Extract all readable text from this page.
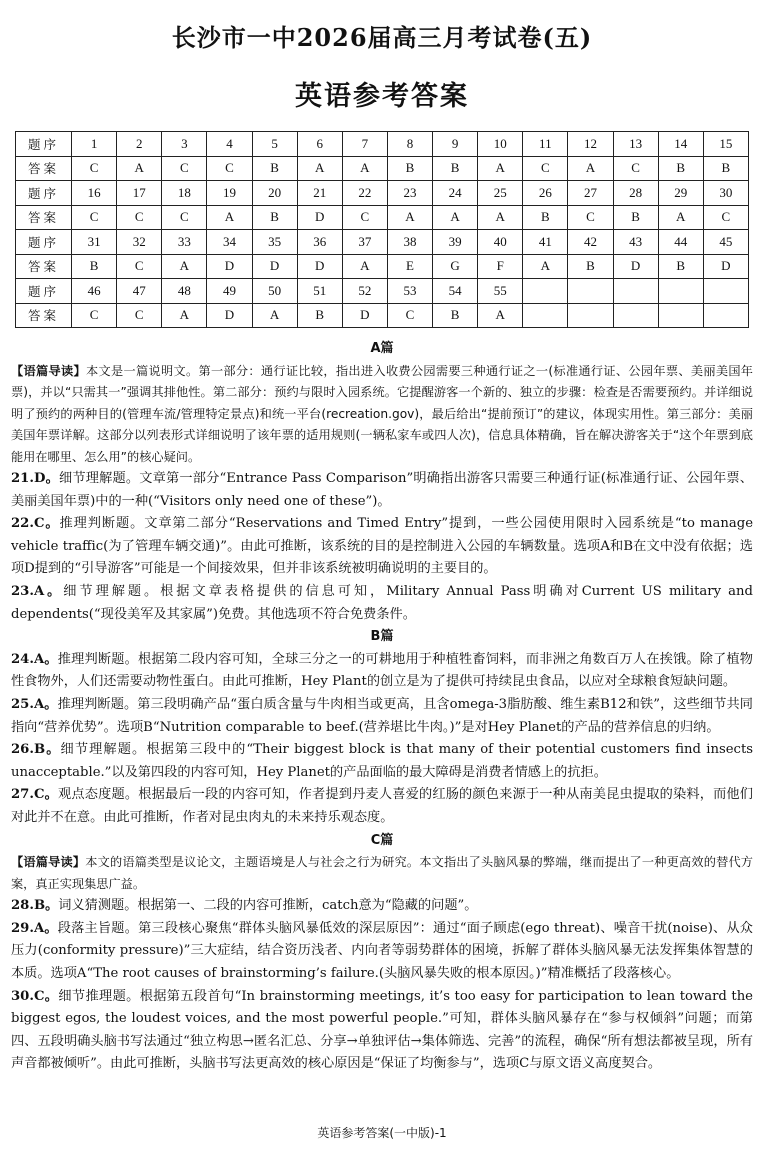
长沙市一中2026届高三月考试卷(五)
英语参考答案
题序	1	2	3	4	5	6	7	8	9	10	11	12	13	14	15
答案	C	A	C	C	B	A	A	B	B	A	C	A	C	B	B
题序	16	17	18	19	20	21	22	23	24	25	26	27	28	29	30
答案	C	C	C	A	B	D	C	A	A	A	B	C	B	A	C
题序	31	32	33	34	35	36	37	38	39	40	41	42	43	44	45
答案	B	C	A	D	D	D	A	E	G	F	A	B	D	B	D
题序	46	47	48	49	50	51	52	53	54	55					
答案	C	C	A	D	A	B	D	C	B	A					
A篇
【语篇导读】本文是一篇说明文。第一部分：通行证比较，指出进入收费公园需要三种通行证之一(标准通行证、公园年票、美丽美国年票)，并以“只需其一”强调其排他性。第二部分：预约与限时入园系统。它提醒游客一个新的、独立的步骤：检查是否需要预约。并详细说明了预约的两种目的(管理车流/管理特定景点)和统一平台(recreation.gov)，最后给出“提前预订”的建议，体现实用性。第三部分：美丽美国年票详解。这部分以列表形式详细说明了该年票的适用规则(一辆私家车或四人次)，信息具体精确，旨在解决游客关于“这个年票到底能用在哪里、怎么用”的核心疑问。
21.D。细节理解题。文章第一部分“Entrance Pass Comparison”明确指出游客只需要三种通行证(标准通行证、公园年票、美丽美国年票)中的一种(“Visitors only need one of these”)。
22.C。推理判断题。文章第二部分“Reservations and Timed Entry”提到，一些公园使用限时入园系统是“to manage vehicle traffic(为了管理车辆交通)”。由此可推断，该系统的目的是控制进入公园的车辆数量。选项A和B在文中没有依据；选项D提到的“引导游客”可能是一个间接效果，但并非该系统被明确说明的主要目的。
23.A。细节理解题。根据文章表格提供的信息可知，Military Annual Pass明确对Current US military and dependents(“现役美军及其家属”)免费。其他选项不符合免费条件。
B篇
24.A。推理判断题。根据第二段内容可知，全球三分之一的可耕地用于种植牲畜饲料，而非洲之角数百万人在挨饿。除了植物性食物外，人们还需要动物性蛋白。由此可推断，Hey Plant的创立是为了提供可持续昆虫食品，以应对全球粮食短缺问题。
25.A。推理判断题。第三段明确产品“蛋白质含量与牛肉相当或更高，且含omega-3脂肪酸、维生素B12和铁”，这些细节共同指向“营养优势”。选项B“Nutrition comparable to beef.(营养堪比牛肉。)”是对Hey Planet的产品的营养信息的归纳。
26.B。细节理解题。根据第三段中的“Their biggest block is that many of their potential customers find insects unacceptable.”以及第四段的内容可知，Hey Planet的产品面临的最大障碍是消费者情感上的抗拒。
27.C。观点态度题。根据最后一段的内容可知，作者提到丹麦人喜爱的红肠的颜色来源于一种从南美昆虫提取的染料，而他们对此并不在意。由此可推断，作者对昆虫肉丸的未来持乐观态度。
C篇
【语篇导读】本文的语篇类型是议论文，主题语境是人与社会之行为研究。本文指出了头脑风暴的弊端，继而提出了一种更高效的替代方案，真正实现集思广益。
28.B。词义猜测题。根据第一、二段的内容可推断，catch意为“隐藏的问题”。
29.A。段落主旨题。第三段核心聚焦“群体头脑风暴低效的深层原因”：通过“面子顾虑(ego threat)、噪音干扰(noise)、从众压力(conformity pressure)”三大症结，结合资历浅者、内向者等弱势群体的困境，拆解了群体头脑风暴无法发挥集体智慧的本质。选项A“The root causes of brainstorming’s failure.(头脑风暴失败的根本原因。)”精准概括了段落核心。
30.C。细节推理题。根据第五段首句“In brainstorming meetings, it’s too easy for participation to lean toward the biggest egos, the loudest voices, and the most powerful people.”可知，群体头脑风暴存在“参与权倾斜”问题；而第四、五段明确头脑书写法通过“独立构思→匿名汇总、分享→单独评估→集体筛选、完善”的流程，确保“所有想法都被呈现，所有声音都被倾听”。由此可推断，头脑书写法更高效的核心原因是“保证了均衡参与”，选项C与原文语义高度契合。
英语参考答案(一中版)-1
